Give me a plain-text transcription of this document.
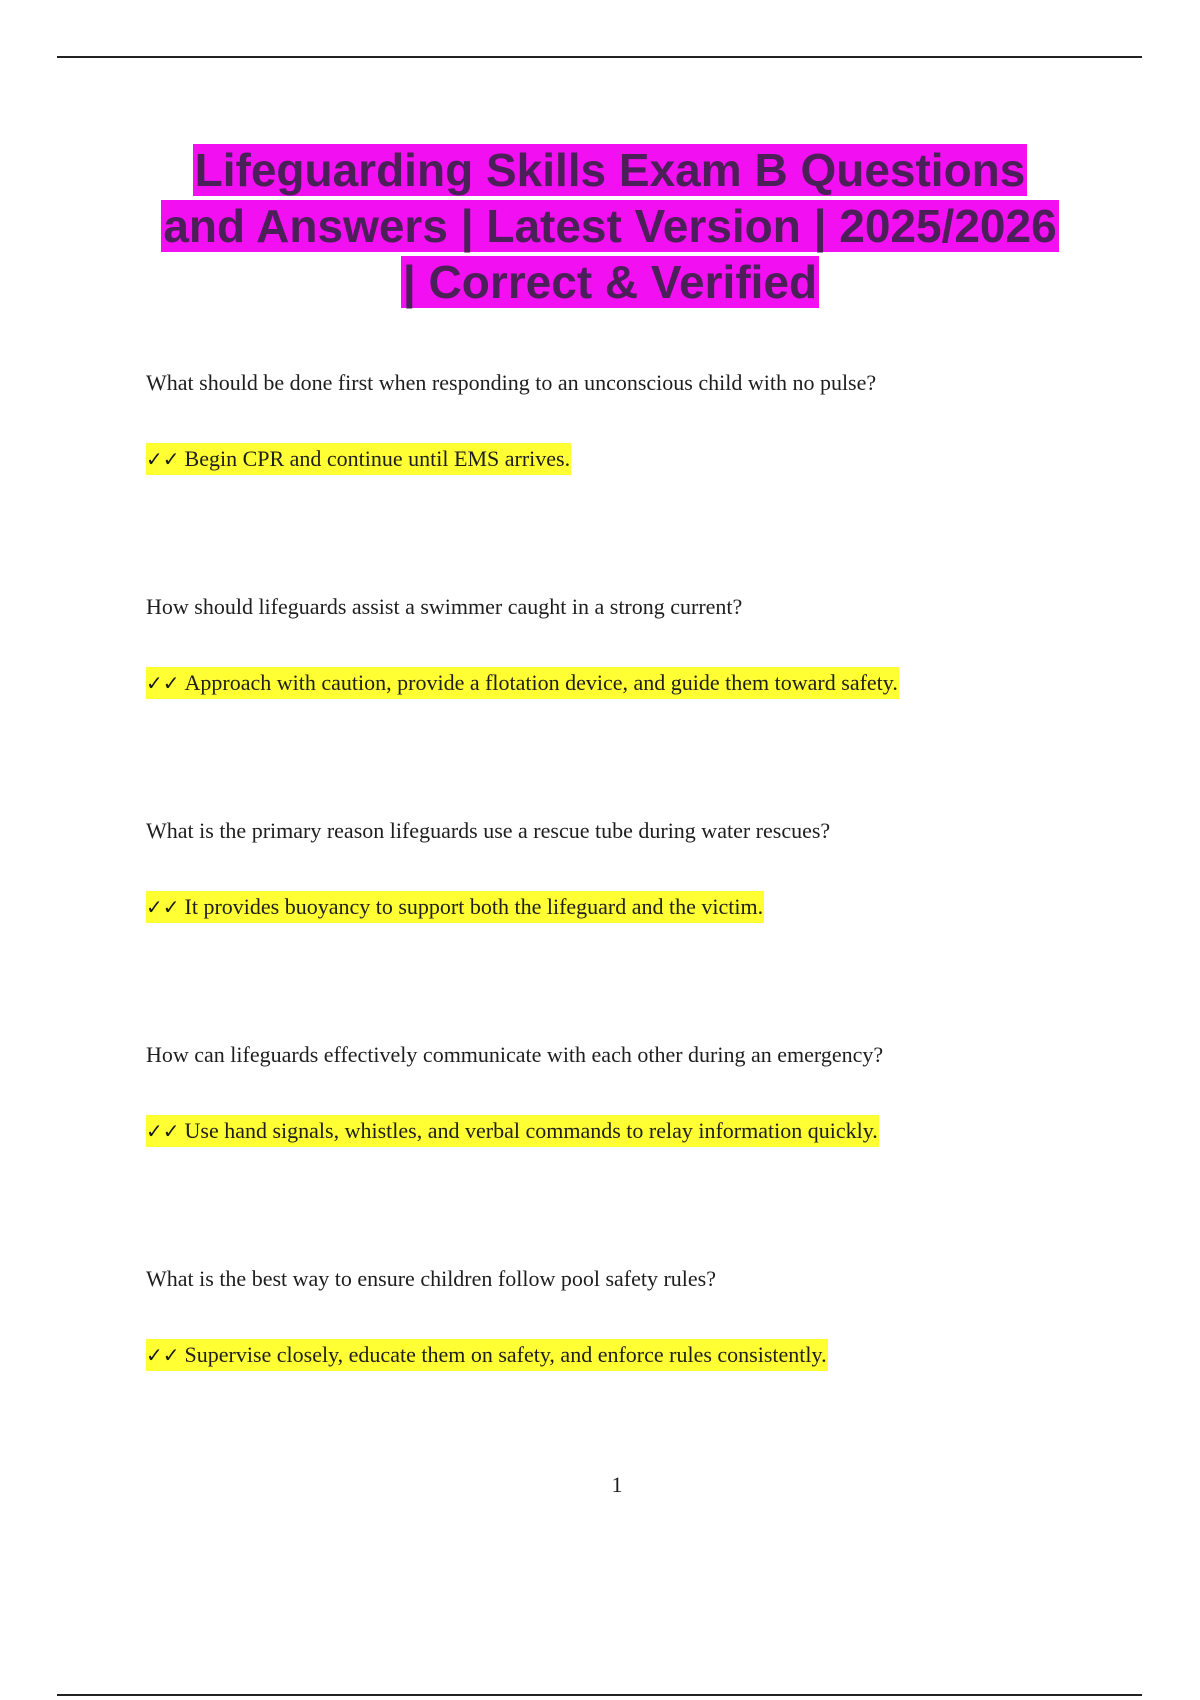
Lifeguarding Skills Exam B Questions
and Answers | Latest Version | 2025/2026
| Correct & Verified

What should be done first when responding to an unconscious child with no pulse?

✓✓ Begin CPR and continue until EMS arrives.

How should lifeguards assist a swimmer caught in a strong current?

✓✓ Approach with caution, provide a flotation device, and guide them toward safety.

What is the primary reason lifeguards use a rescue tube during water rescues?

✓✓ It provides buoyancy to support both the lifeguard and the victim.

How can lifeguards effectively communicate with each other during an emergency?

✓✓ Use hand signals, whistles, and verbal commands to relay information quickly.

What is the best way to ensure children follow pool safety rules?

✓✓ Supervise closely, educate them on safety, and enforce rules consistently.
1
